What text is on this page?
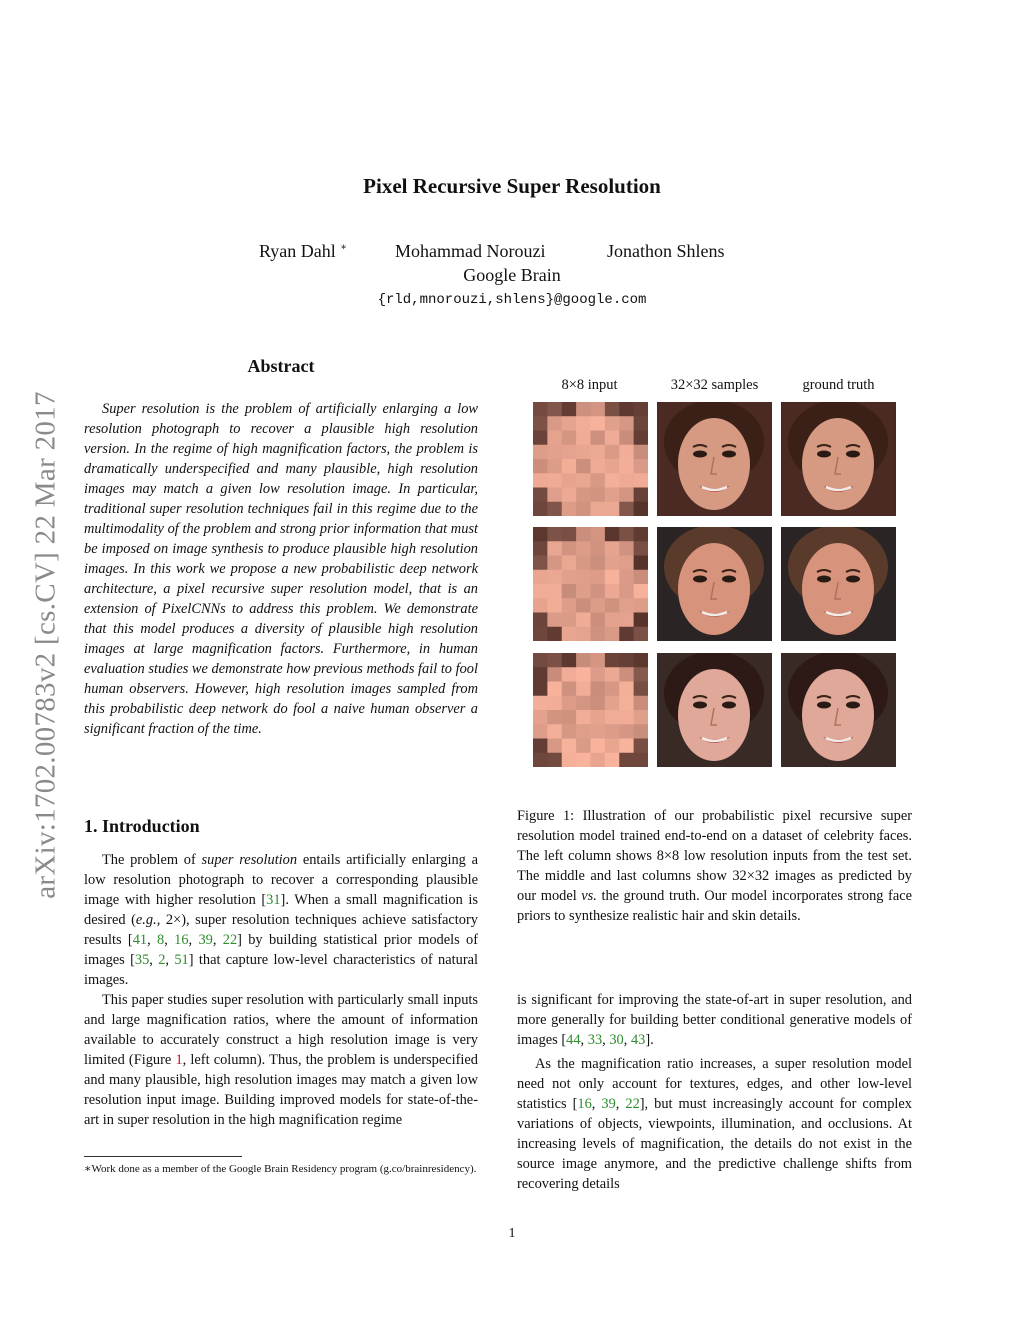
arXiv:1702.00783v2 [cs.CV] 22 Mar 2017
Pixel Recursive Super Resolution
Ryan Dahl ∗	Mohammad Norouzi	Jonathon Shlens
Google Brain
{rld,mnorouzi,shlens}@google.com
Abstract

Super resolution is the problem of artificially enlarging a low resolution photograph to recover a plausible high resolution version. In the regime of high magnification factors, the problem is dramatically underspecified and many plausible, high resolution images may match a given low resolution image. In particular, traditional super resolution techniques fail in this regime due to the multimodality of the problem and strong prior information that must be imposed on image synthesis to produce plausible high resolution images. In this work we propose a new probabilistic deep network architecture, a pixel recursive super resolution model, that is an extension of PixelCNNs to address this problem. We demonstrate that this model produces a diversity of plausible high resolution images at large magnification factors. Furthermore, in human evaluation studies we demonstrate how previous methods fail to fool human observers. However, high resolution images sampled from this probabilistic deep network do fool a naive human observer a significant fraction of the time.

1. Introduction

The problem of super resolution entails artificially enlarging a low resolution photograph to recover a corresponding plausible image with higher resolution [31]. When a small magnification is desired (e.g., 2×), super resolution techniques achieve satisfactory results [41, 8, 16, 39, 22] by building statistical prior models of images [35, 2, 51] that capture low-level characteristics of natural images.

This paper studies super resolution with particularly small inputs and large magnification ratios, where the amount of information available to accurately construct a high resolution image is very limited (Figure 1, left column). Thus, the problem is underspecified and many plausible, high resolution images may match a given low resolution input image. Building improved models for state-of-the-art in super resolution in the high magnification regime

∗Work done as a member of the Google Brain Residency program (g.co/brainresidency).
8×8 input	32×32 samples	ground truth
Figure 1: Illustration of our probabilistic pixel recursive super resolution model trained end-to-end on a dataset of celebrity faces. The left column shows 8×8 low resolution inputs from the test set. The middle and last columns show 32×32 images as predicted by our model vs. the ground truth. Our model incorporates strong face priors to synthesize realistic hair and skin details.

is significant for improving the state-of-art in super resolution, and more generally for building better conditional generative models of images [44, 33, 30, 43].

As the magnification ratio increases, a super resolution model need not only account for textures, edges, and other low-level statistics [16, 39, 22], but must increasingly account for complex variations of objects, viewpoints, illumination, and occlusions. At increasing levels of magnification, the details do not exist in the source image anymore, and the predictive challenge shifts from recovering details

1
